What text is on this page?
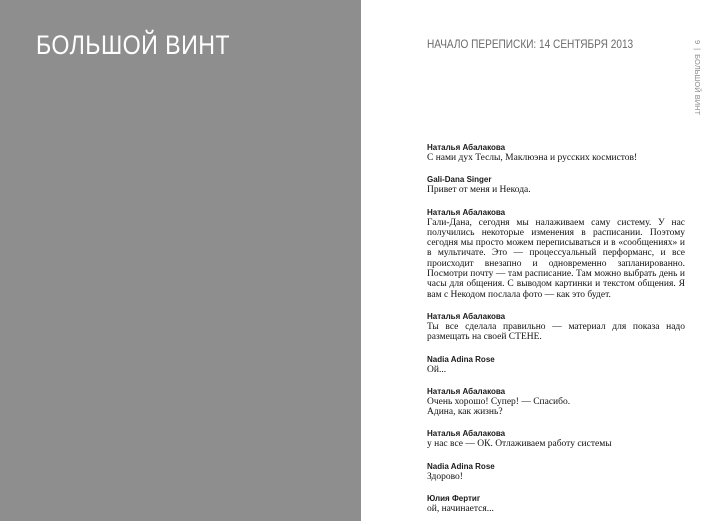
БОЛЬШОЙ ВИНТ	НАЧАЛО ПЕРЕПИСКИ: 14 СЕНТЯБРЯ 2013	9|БОЛЬШОЙ ВИНТ
Наталья Абалакова
С нами дух Теслы, Маклюэна и русских космистов!
Gali-Dana Singer
Привет от меня и Некода.
Наталья Абалакова
Гали-Дана, сегодня мы налаживаем саму систему. У нас получились некоторые изменения в расписании. Поэтому сегодня мы просто можем переписываться и в «сообщениях» и в мультичате. Это — процессуальный перформанс, и все происходит внезапно и одновременно запланированно. Посмотри почту — там расписание. Там можно выбрать день и часы для общения. С выводом картинки и текстом общения. Я вам с Некодом послала фото — как это будет.
Наталья Абалакова
Ты все сделала правильно — материал для показа надо размещать на своей СТЕНЕ.
Nadia Adina Rose
Ой...
Наталья Абалакова
Очень хорошо! Супер! — Спасибо.
Адина, как жизнь?
Наталья Абалакова
у нас все — ОК. Отлаживаем работу системы
Nadia Adina Rose
Здорово!
Юлия Фертиг
ой, начинается...
